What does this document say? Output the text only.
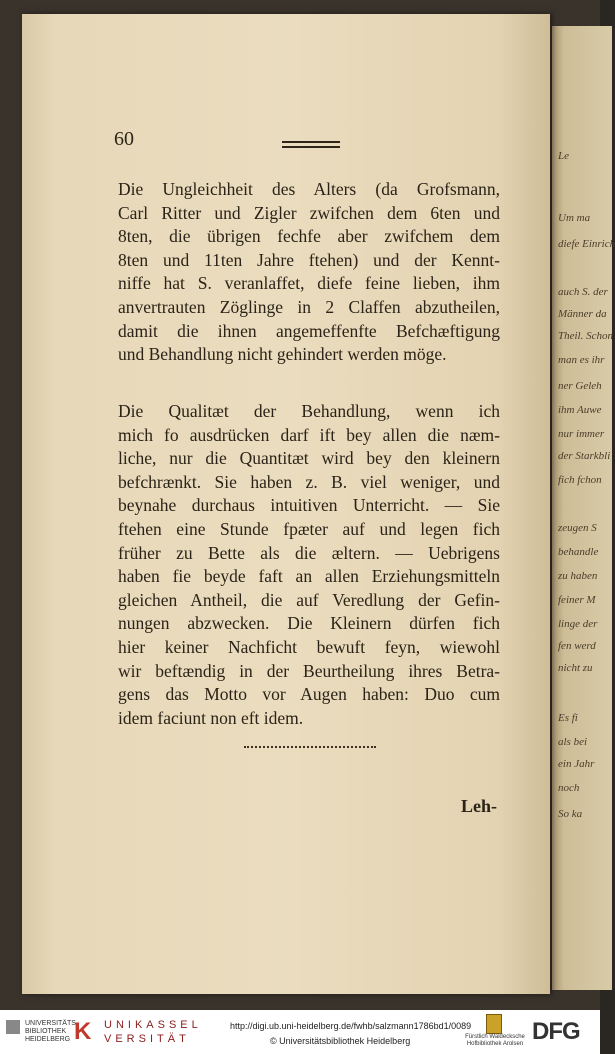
Le
Um ma
diefe Einrich
auch S. der
Männer da
Theil. Schon
man es ihr
ner Geleh
ihm Auwe
nur immer
der Starkbli
fich fchon
zeugen S
behandle
zu haben
feiner M
linge der
fen werd
nicht zu
Es fi
als bei
ein Jahr
noch
So ka
60
Die Ungleichheit des Alters (da Grofsmann,
Carl Ritter und Zigler zwifchen dem 6ten und
8ten, die übrigen fechfe aber zwifchem dem
8ten und 11ten Jahre ftehen) und der Kennt-
niffe hat S. veranlaffet, diefe feine lieben, ihm
anvertrauten Zöglinge in 2 Claffen abzutheilen,
damit die ihnen angemeffenfte Befchæftigung
und Behandlung nicht gehindert werden möge.
Die Qualitæt der Behandlung, wenn ich
mich fo ausdrücken darf ift bey allen die næm-
liche, nur die Quantitæt wird bey den kleinern
befchrænkt. Sie haben z. B. viel weniger, und
beynahe durchaus intuitiven Unterricht. — Sie
ftehen eine Stunde fpæter auf und legen fich
früher zu Bette als die æltern. — Uebrigens
haben fie beyde faft an allen Erziehungsmitteln
gleichen Antheil, die auf Veredlung der Gefin-
nungen abzwecken. Die Kleinern dürfen fich
hier keiner Nachficht bewuft feyn, wiewohl
wir beftændig in der Beurtheilung ihres Betra-
gens das Motto vor Augen haben: Duo cum
idem faciunt non eft idem.
Leh-
UNIVERSITÄTS-
BIBLIOTHEK
HEIDELBERG K UNIKASSEL
VERSITÄT
http://digi.ub.uni-heidelberg.de/fwhb/salzmann1786bd1/0089
© Universitätsbibliothek Heidelberg	Fürstlich Waldecksche
Hofbibliothek Arolsen DFG
